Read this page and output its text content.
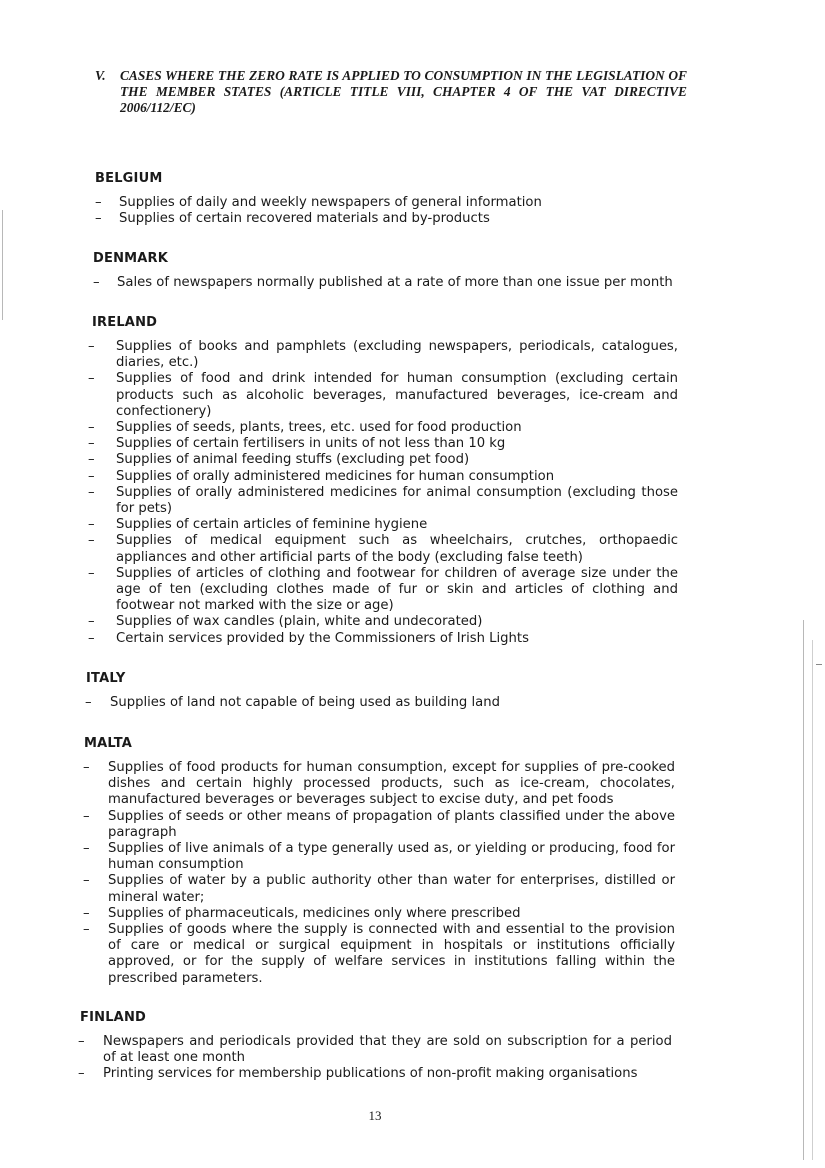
V. CASES WHERE THE ZERO RATE IS APPLIED TO CONSUMPTION IN THE LEGISLATION OF THE MEMBER STATES (ARTICLE TITLE VIII, CHAPTER 4 OF THE VAT DIRECTIVE 2006/112/EC)
BELGIUM
– Supplies of daily and weekly newspapers of general information
– Supplies of certain recovered materials and by-products
DENMARK
– Sales of newspapers normally published at a rate of more than one issue per month
IRELAND
– Supplies of books and pamphlets (excluding newspapers, periodicals, catalogues, diaries, etc.)
– Supplies of food and drink intended for human consumption (excluding certain products such as alcoholic beverages, manufactured beverages, ice-cream and confectionery)
– Supplies of seeds, plants, trees, etc. used for food production
– Supplies of certain fertilisers in units of not less than 10 kg
– Supplies of animal feeding stuffs (excluding pet food)
– Supplies of orally administered medicines for human consumption
– Supplies of orally administered medicines for animal consumption (excluding those for pets)
– Supplies of certain articles of feminine hygiene
– Supplies of medical equipment such as wheelchairs, crutches, orthopaedic appliances and other artificial parts of the body (excluding false teeth)
– Supplies of articles of clothing and footwear for children of average size under the age of ten (excluding clothes made of fur or skin and articles of clothing and footwear not marked with the size or age)
– Supplies of wax candles (plain, white and undecorated)
– Certain services provided by the Commissioners of Irish Lights
ITALY
– Supplies of land not capable of being used as building land
MALTA
– Supplies of food products for human consumption, except for supplies of pre-cooked dishes and certain highly processed products, such as ice-cream, chocolates, manufactured beverages or beverages subject to excise duty, and pet foods
– Supplies of seeds or other means of propagation of plants classified under the above paragraph
– Supplies of live animals of a type generally used as, or yielding or producing, food for human consumption
– Supplies of water by a public authority other than water for enterprises, distilled or mineral water;
– Supplies of pharmaceuticals, medicines only where prescribed
– Supplies of goods where the supply is connected with and essential to the provision of care or medical or surgical equipment in hospitals or institutions officially approved, or for the supply of welfare services in institutions falling within the prescribed parameters.
FINLAND
– Newspapers and periodicals provided that they are sold on subscription for a period of at least one month
– Printing services for membership publications of non-profit making organisations
13
